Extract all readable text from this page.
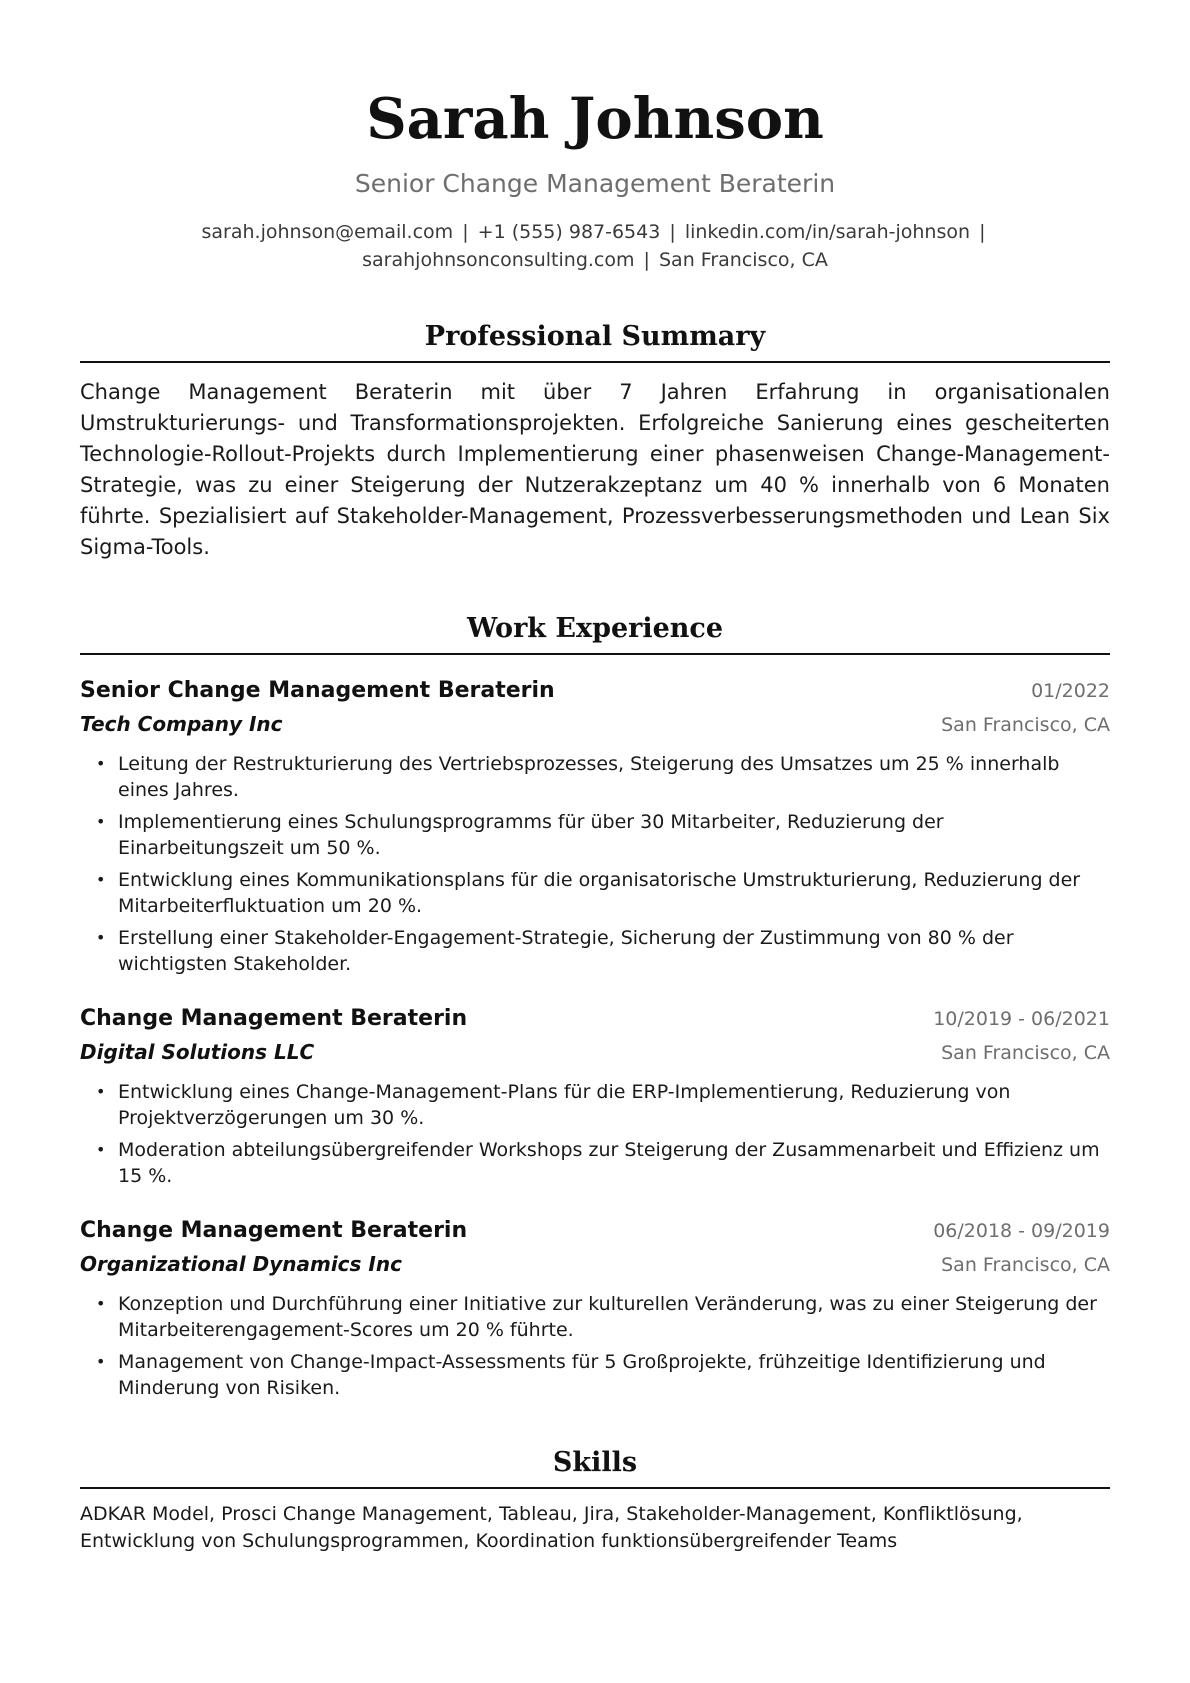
Sarah Johnson
Senior Change Management Beraterin
sarah.johnson@email.com | +1 (555) 987-6543 | linkedin.com/in/sarah-johnson | sarahjohnsonconsulting.com | San Francisco, CA
Professional Summary
Change Management Beraterin mit über 7 Jahren Erfahrung in organisationalen Umstrukturierungs- und Transformationsprojekten. Erfolgreiche Sanierung eines gescheiterten Technologie-Rollout-Projekts durch Implementierung einer phasenweisen Change-Management-Strategie, was zu einer Steigerung der Nutzerakzeptanz um 40 % innerhalb von 6 Monaten führte. Spezialisiert auf Stakeholder-Management, Prozessverbesserungsmethoden und Lean Six Sigma-Tools.
Work Experience
Senior Change Management Beraterin	01/2022
Tech Company Inc	San Francisco, CA
• Leitung der Restrukturierung des Vertriebsprozesses, Steigerung des Umsatzes um 25 % innerhalb eines Jahres.
• Implementierung eines Schulungsprogramms für über 30 Mitarbeiter, Reduzierung der Einarbeitungszeit um 50 %.
• Entwicklung eines Kommunikationsplans für die organisatorische Umstrukturierung, Reduzierung der Mitarbeiterfluktuation um 20 %.
• Erstellung einer Stakeholder-Engagement-Strategie, Sicherung der Zustimmung von 80 % der wichtigsten Stakeholder.
Change Management Beraterin	10/2019 - 06/2021
Digital Solutions LLC	San Francisco, CA
• Entwicklung eines Change-Management-Plans für die ERP-Implementierung, Reduzierung von Projektverzögerungen um 30 %.
• Moderation abteilungsübergreifender Workshops zur Steigerung der Zusammenarbeit und Effizienz um 15 %.
Change Management Beraterin	06/2018 - 09/2019
Organizational Dynamics Inc	San Francisco, CA
• Konzeption und Durchführung einer Initiative zur kulturellen Veränderung, was zu einer Steigerung der Mitarbeiterengagement-Scores um 20 % führte.
• Management von Change-Impact-Assessments für 5 Großprojekte, frühzeitige Identifizierung und Minderung von Risiken.
Skills
ADKAR Model, Prosci Change Management, Tableau, Jira, Stakeholder-Management, Konfliktlösung, Entwicklung von Schulungsprogrammen, Koordination funktionsübergreifender Teams
